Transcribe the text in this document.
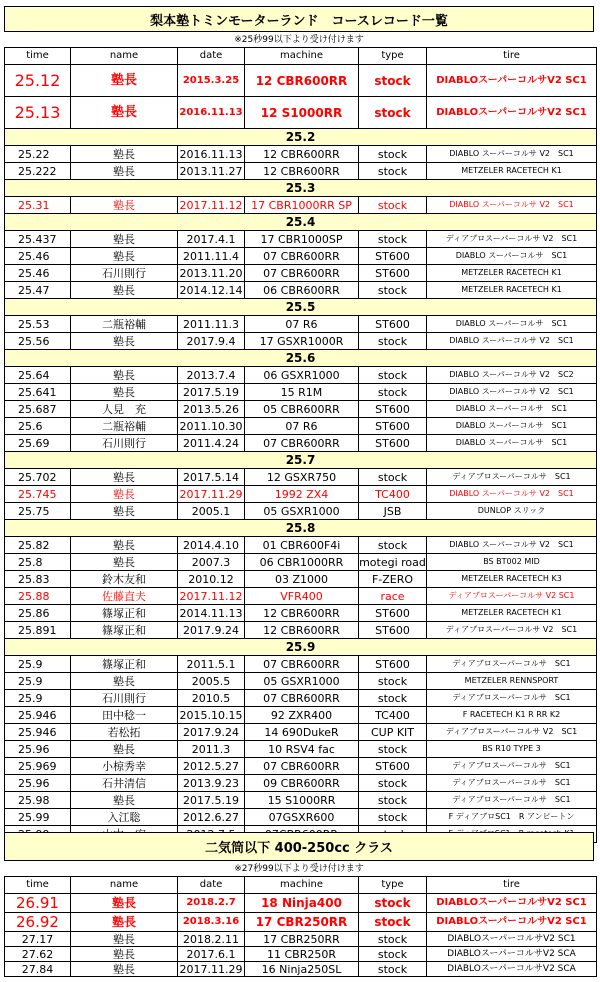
梨本塾トミンモーターランド　コースレコード一覧
※25秒99以下より受け付けます
time	name	date	machine	type	tire
25.12	塾長	2015.3.25	12 CBR600RR	stock	DIABLOスーパーコルサV2 SC1
25.13	塾長	2016.11.13	12 S1000RR	stock	DIABLOスーパーコルサV2 SC1
25.2					
25.22	塾長	2016.11.13	12 CBR600RR	stock	DIABLO スーパーコルサ V2　SC1
25.222	塾長	2013.11.27	12 CBR600RR	stock	METZELER RACETECH K1
25.3					
25.31	塾長	2017.11.12	17 CBR1000RR SP	stock	DIABLO スーパーコルサ V2　SC1
25.4					
25.437	塾長	2017.4.1	17 CBR1000SP	stock	ディアブロスーパーコルサ V2　SC1
25.46	塾長	2011.11.4	07 CBR600RR	ST600	DIABLO スーパーコルサ　SC1
25.46	石川則行	2013.11.20	07 CBR600RR	ST600	METZELER RACETECH K1
25.47	塾長	2014.12.14	06 CBR600RR	stock	METZELER RACETECH K1
25.5					
25.53	二瓶裕輔	2011.11.3	07 R6	ST600	DIABLO スーパーコルサ　SC1
25.56	塾長	2017.9.4	17 GSXR1000R	stock	DIABLO スーパーコルサ V2　SC1
25.6					
25.64	塾長	2013.7.4	06 GSXR1000	stock	DIABLO スーパーコルサ V2　SC2
25.641	塾長	2017.5.19	15 R1M	stock	DIABLO スーパーコルサ V2　SC1
25.687	人見　充	2013.5.26	05 CBR600RR	ST600	DIABLO スーパーコルサ　SC1
25.6	二瓶裕輔	2011.10.30	07 R6	ST600	DIABLO スーパーコルサ　SC1
25.69	石川則行	2011.4.24	07 CBR600RR	ST600	DIABLO スーパーコルサ　SC1
25.7					
25.702	塾長	2017.5.14	12 GSXR750	stock	ディアブロスーパーコルサ　SC1
25.745	塾長	2017.11.29	1992 ZX4	TC400	DIABLO スーパーコルサ V2　SC1
25.75	塾長	2005.1	05 GSXR1000	JSB	DUNLOP スリック
25.8					
25.82	塾長	2014.4.10	01 CBR600F4i	stock	DIABLO スーパーコルサ V2　SC1
25.8	塾長	2007.3	06 CBR1000RR	motegi road	BS BT002 MID
25.83	鈴木友和	2010.12	03 Z1000	F-ZERO	METZELER RACETECH K3
25.88	佐藤直夫	2017.11.12	VFR400	race	ディアブロスーパーコルサ V2 SC1
25.86	篠塚正和	2014.11.13	12 CBR600RR	ST600	METZELER RACETECH K1
25.891	篠塚正和	2017.9.24	12 CBR600RR	ST600	ディアブロスーパーコルサ V2　SC1
25.9					
25.9	篠塚正和	2011.5.1	07 CBR600RR	ST600	ディアブロスーパーコルサ　SC1
25.9	塾長	2005.5	05 GSXR1000	stock	METZELER RENNSPORT
25.9	石川則行	2010.5	07 CBR600RR	stock	ディアブロスーパーコルサ　SC1
25.946	田中稔一	2015.10.15	92 ZXR400	TC400	F RACETECH K1 R RR K2
25.946	若松拓	2017.9.24	14 690DukeR	CUP KIT	ディアブロスーパーコルサ V2　SC1
25.96	塾長	2011.3	10 RSV4 fac	stock	BS R10 TYPE 3
25.969	小椋秀幸	2012.5.27	07 CBR600RR	ST600	ディアブロスーパーコルサ　SC1
25.96	石井清信	2013.9.23	09 CBR600RR	stock	ディアブロスーパーコルサ　SC1
25.98	塾長	2017.5.19	15 S1000RR	stock	ディアブロスーパーコルサ　SC1
25.99	入江聡	2012.6.27	07GSXR600	stock	F ディアブロSC1　R アンピートン

二気筒以下 400-250cc クラス
※27秒99以下より受け付けます
time	name	date	machine	type	tire
26.91	塾長	2018.2.7	18 Ninja400	stock	DIABLOスーパーコルサV2 SC1
26.92	塾長	2018.3.16	17 CBR250RR	stock	DIABLOスーパーコルサV2 SC1
27.17	塾長	2018.2.11	17 CBR250RR	stock	DIABLOスーパーコルサV2 SC1
27.62	塾長	2017.6.1	11 CBR250R	stock	DIABLOスーパーコルサV2 SCA
27.84	塾長	2017.11.29	16 Ninja250SL	stock	DIABLOスーパーコルサV2 SCA
